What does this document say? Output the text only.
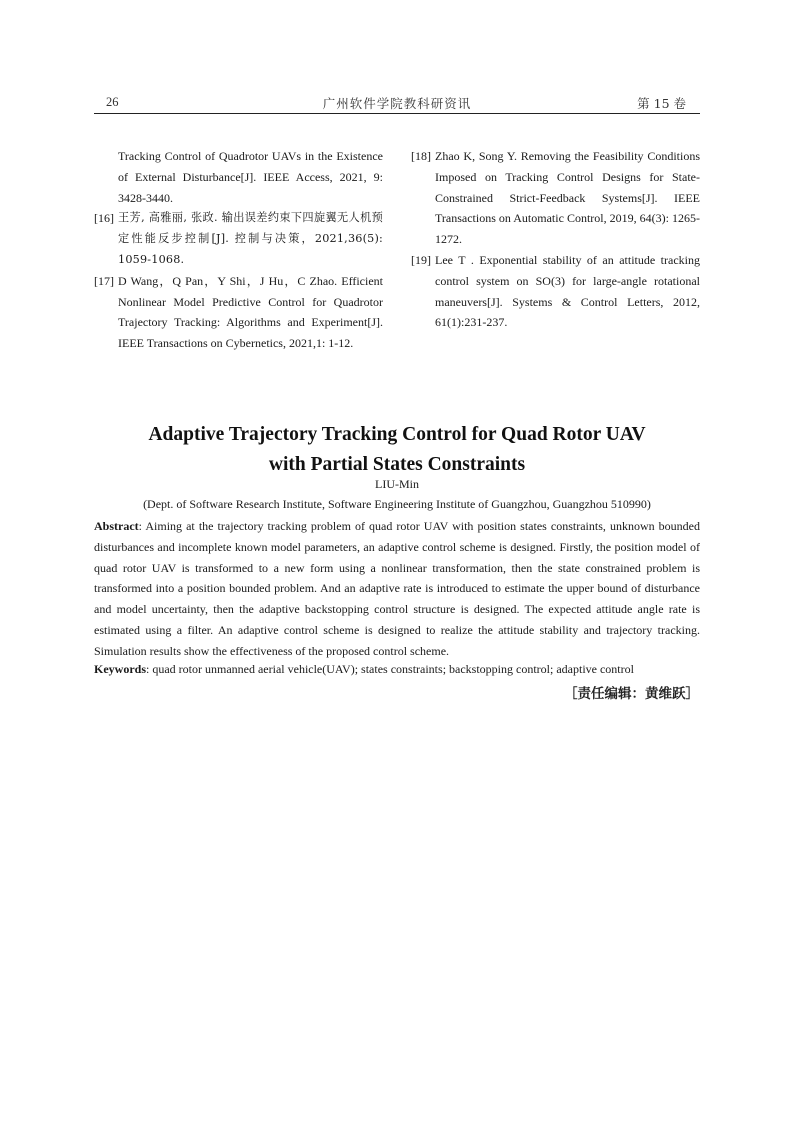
26	广州软件学院教科研资讯	第 15 卷
Tracking Control of Quadrotor UAVs in the Existence of External Disturbance[J]. IEEE Access, 2021, 9: 3428-3440.
[16] 王芳, 高雅丽, 张政. 输出误差约束下四旋翼无人机预定性能反步控制[J]. 控制与决策，2021,36(5): 1059-1068.
[17] D Wang，Q Pan，Y Shi，J Hu，C Zhao. Efficient Nonlinear Model Predictive Control for Quadrotor Trajectory Tracking: Algorithms and Experiment[J]. IEEE Transactions on Cybernetics, 2021,1: 1-12.
[18] Zhao K, Song Y. Removing the Feasibility Conditions Imposed on Tracking Control Designs for State-Constrained Strict-Feedback Systems[J]. IEEE Transactions on Automatic Control, 2019, 64(3): 1265-1272.
[19] Lee T . Exponential stability of an attitude tracking control system on SO(3) for large-angle rotational maneuvers[J]. Systems & Control Letters, 2012, 61(1):231-237.
Adaptive Trajectory Tracking Control for Quad Rotor UAV
with Partial States Constraints
LIU-Min
(Dept. of Software Research Institute, Software Engineering Institute of Guangzhou, Guangzhou 510990)
Abstract: Aiming at the trajectory tracking problem of quad rotor UAV with position states constraints, unknown bounded disturbances and incomplete known model parameters, an adaptive control scheme is designed. Firstly, the position model of quad rotor UAV is transformed to a new form using a nonlinear transformation, then the state constrained problem is transformed into a position bounded problem. And an adaptive rate is introduced to estimate the upper bound of disturbance and model uncertainty, then the adaptive backstopping control structure is designed. The expected attitude angle rate is estimated using a filter. An adaptive control scheme is designed to realize the attitude stability and trajectory tracking. Simulation results show the effectiveness of the proposed control scheme.
Keywords: quad rotor unmanned aerial vehicle(UAV); states constraints; backstopping control; adaptive control
［责任编辑：黄维跃］
